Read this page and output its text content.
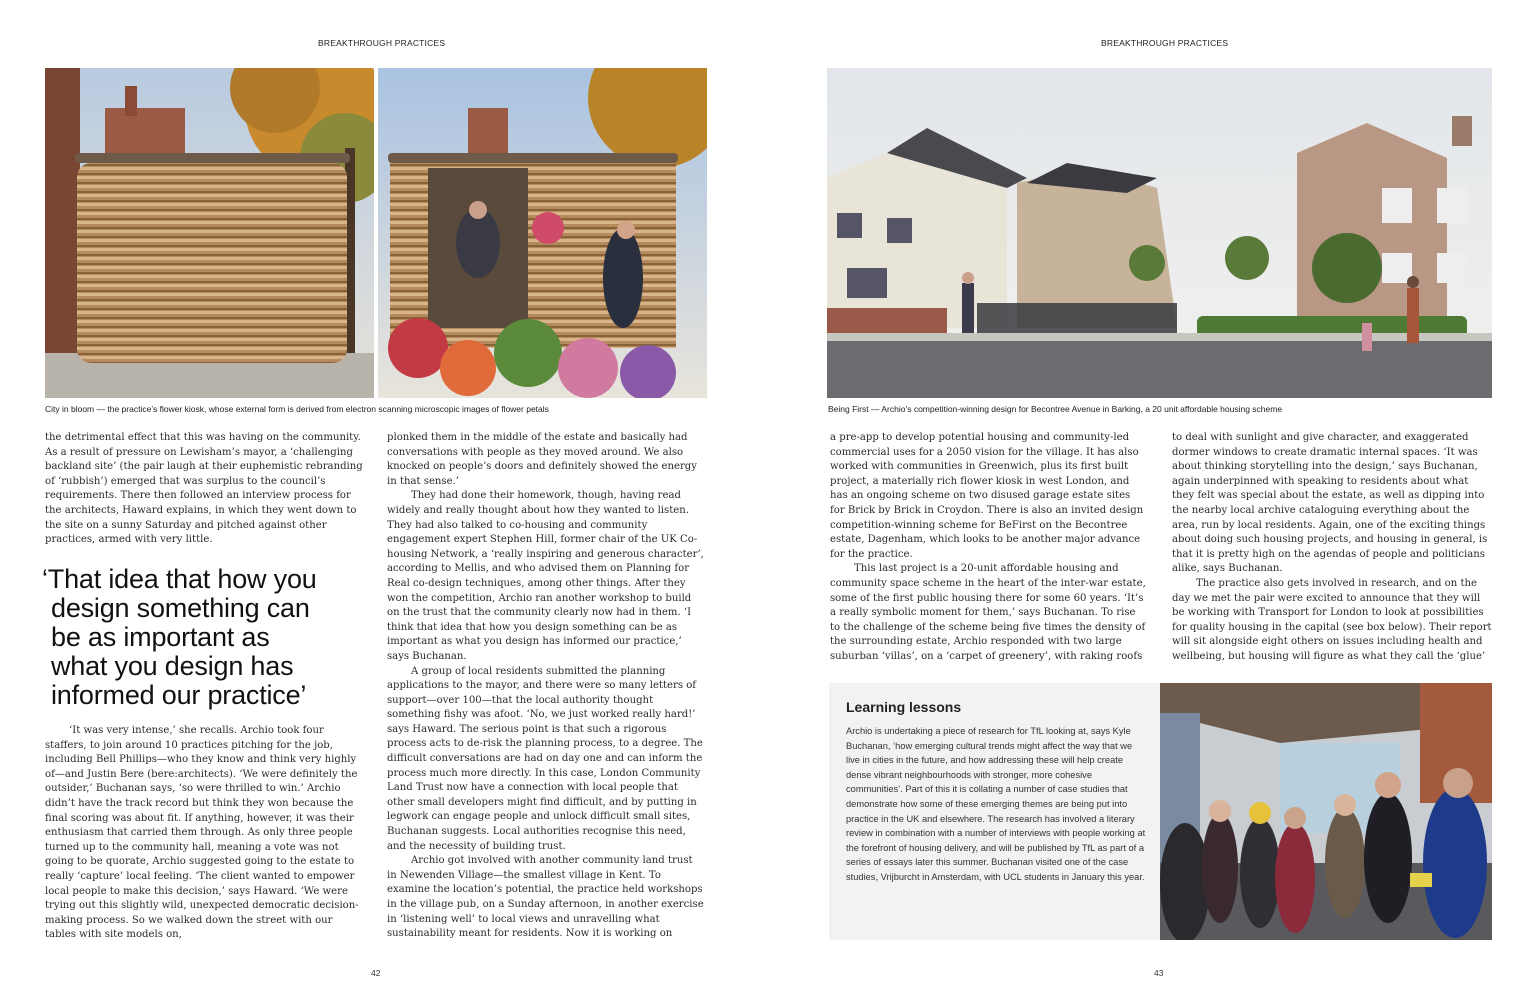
BREAKTHROUGH PRACTICES
City in bloom — the practice’s flower kiosk, whose external form is derived from electron scanning microscopic images of flower petals

the detrimental effect that this was having on the community. As a result of pressure on Lewisham’s mayor, a ‘challenging backland site’ (the pair laugh at their euphemistic rebranding of ‘rubbish’) emerged that was surplus to the council’s requirements. There then followed an interview process for the architects, Haward explains, in which they went down to the site on a sunny Saturday and pitched against other practices, armed with very little.

‘That idea that how you
design something can
be as important as
what you design has
informed our practice’

‘It was very intense,’ she recalls. Archio took four staffers, to join around 10 practices pitching for the job, including Bell Phillips—who they know and think very highly of—and Justin Bere (bere:architects). ‘We were definitely the outsider,’ Buchanan says, ‘so were thrilled to win.’ Archio didn’t have the track record but think they won because the final scoring was about fit. If anything, however, it was their enthusiasm that carried them through. As only three people turned up to the community hall, meaning a vote was not going to be quorate, Archio suggested going to the estate to really ‘capture’ local feeling. ‘The client wanted to empower local people to make this decision,’ says Haward. ‘We were trying out this slightly wild, unexpected democratic decision-making process. So we walked down the street with our tables with site models on,

plonked them in the middle of the estate and basically had conversations with people as they moved around. We also knocked on people’s doors and definitely showed the energy in that sense.’

They had done their homework, though, having read widely and really thought about how they wanted to listen. They had also talked to co-housing and community engagement expert Stephen Hill, former chair of the UK Co-housing Network, a ‘really inspiring and generous character’, according to Mellis, and who advised them on Planning for Real co-design techniques, among other things. After they won the competition, Archio ran another workshop to build on the trust that the community clearly now had in them. ‘I think that idea that how you design something can be as important as what you design has informed our practice,’ says Buchanan.

A group of local residents submitted the planning applications to the mayor, and there were so many letters of support—over 100—that the local authority thought something fishy was afoot. ‘No, we just worked really hard!’ says Haward. The serious point is that such a rigorous process acts to de-risk the planning process, to a degree. The difficult conversations are had on day one and can inform the process much more directly. In this case, London Community Land Trust now have a connection with local people that other small developers might find difficult, and by putting in legwork can engage people and unlock difficult small sites, Buchanan suggests. Local authorities recognise this need, and the necessity of building trust.

Archio got involved with another community land trust in Newenden Village—the smallest village in Kent. To examine the location’s potential, the practice held workshops in the village pub, on a Sunday afternoon, in another exercise in ‘listening well’ to local views and unravelling what sustainability meant for residents. Now it is working on

42
BREAKTHROUGH PRACTICES
Being First — Archio’s competition-winning design for Becontree Avenue in Barking, a 20 unit affordable housing scheme

a pre-app to develop potential housing and community-led commercial uses for a 2050 vision for the village. It has also worked with communities in Greenwich, plus its first built project, a materially rich flower kiosk in west London, and has an ongoing scheme on two disused garage estate sites for Brick by Brick in Croydon. There is also an invited design competition-winning scheme for BeFirst on the Becontree estate, Dagenham, which looks to be another major advance for the practice.

This last project is a 20-unit affordable housing and community space scheme in the heart of the inter-war estate, some of the first public housing there for some 60 years. ‘It’s a really symbolic moment for them,’ says Buchanan. To rise to the challenge of the scheme being five times the density of the surrounding estate, Archio responded with two large suburban ‘villas’, on a ‘carpet of greenery’, with raking roofs

to deal with sunlight and give character, and exaggerated dormer windows to create dramatic internal spaces. ‘It was about thinking storytelling into the design,’ says Buchanan, again underpinned with speaking to residents about what they felt was special about the estate, as well as dipping into the nearby local archive cataloguing everything about the area, run by local residents. Again, one of the exciting things about doing such housing projects, and housing in general, is that it is pretty high on the agendas of people and politicians alike, says Buchanan.

The practice also gets involved in research, and on the day we met the pair were excited to announce that they will be working with Transport for London to look at possibilities for quality housing in the capital (see box below). Their report will sit alongside eight others on issues including health and wellbeing, but housing will figure as what they call the ‘glue’

Learning lessons

Archio is undertaking a piece of research for TfL looking at, says Kyle Buchanan, ‘how emerging cultural trends might affect the way that we live in cities in the future, and how addressing these will help create dense vibrant neighbourhoods with stronger, more cohesive communities’. Part of this it is collating a number of case studies that demonstrate how some of these emerging themes are being put into practice in the UK and elsewhere. The research has involved a literary review in combination with a number of interviews with people working at the forefront of housing delivery, and will be published by TfL as part of a series of essays later this summer. Buchanan visited one of the case studies, Vrijburcht in Amsterdam, with UCL students in January this year.

43
